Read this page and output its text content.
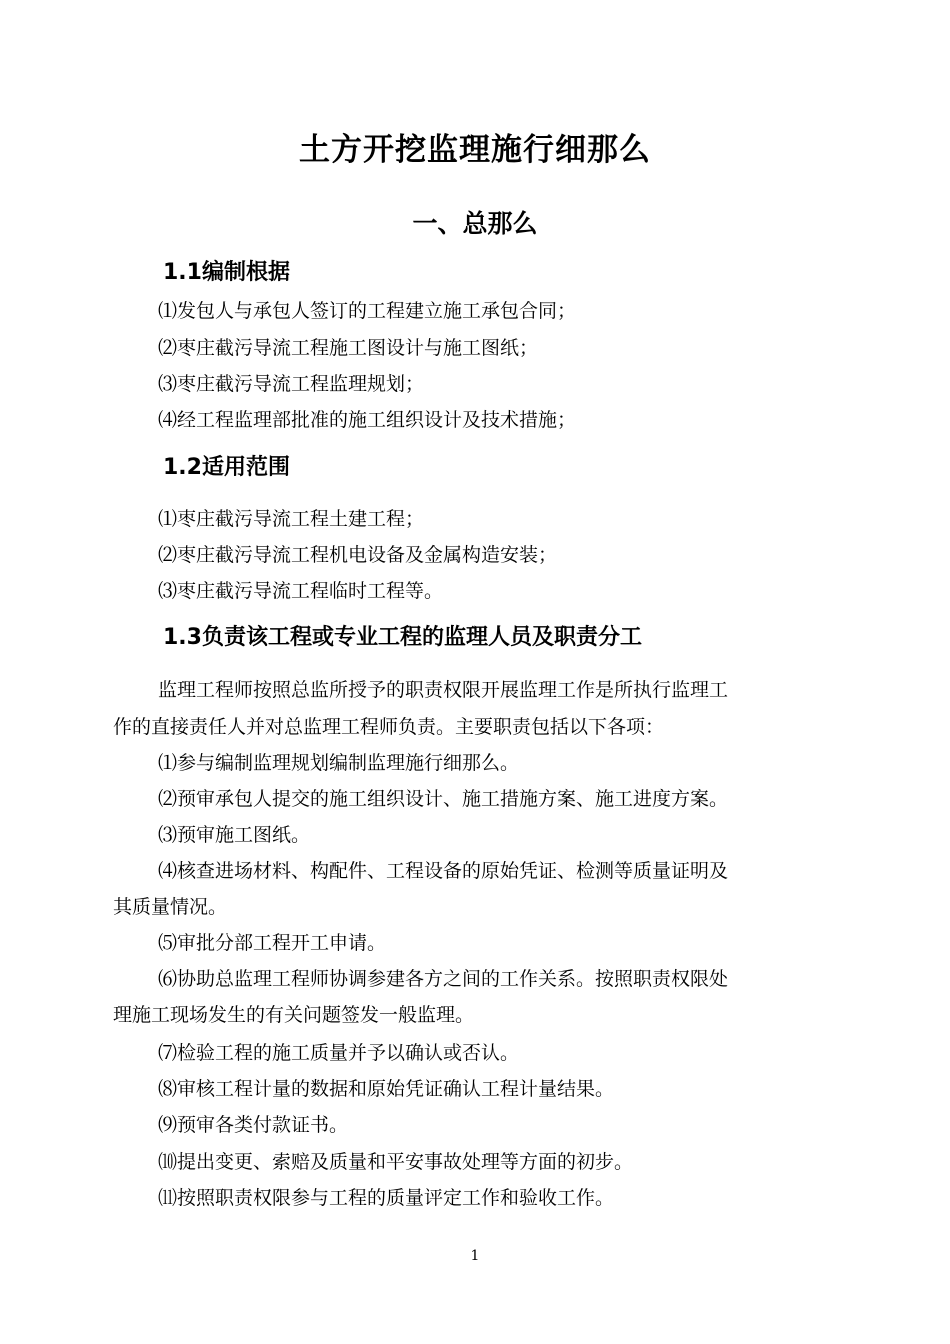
土方开挖监理施行细那么
一、总那么
1.1编制根据
⑴发包人与承包人签订的工程建立施工承包合同；
⑵枣庄截污导流工程施工图设计与施工图纸；
⑶枣庄截污导流工程监理规划；
⑷经工程监理部批准的施工组织设计及技术措施；
1.2适用范围
⑴枣庄截污导流工程土建工程；
⑵枣庄截污导流工程机电设备及金属构造安装；
⑶枣庄截污导流工程临时工程等。
1.3负责该工程或专业工程的监理人员及职责分工
监理工程师按照总监所授予的职责权限开展监理工作是所执行监理工
作的直接责任人并对总监理工程师负责。主要职责包括以下各项：
⑴参与编制监理规划编制监理施行细那么。
⑵预审承包人提交的施工组织设计、施工措施方案、施工进度方案。
⑶预审施工图纸。
⑷核查进场材料、构配件、工程设备的原始凭证、检测等质量证明及
其质量情况。
⑸审批分部工程开工申请。
⑹协助总监理工程师协调参建各方之间的工作关系。按照职责权限处
理施工现场发生的有关问题签发一般监理。
⑺检验工程的施工质量并予以确认或否认。
⑻审核工程计量的数据和原始凭证确认工程计量结果。
⑼预审各类付款证书。
⑽提出变更、索赔及质量和平安事故处理等方面的初步。
⑾按照职责权限参与工程的质量评定工作和验收工作。
1
